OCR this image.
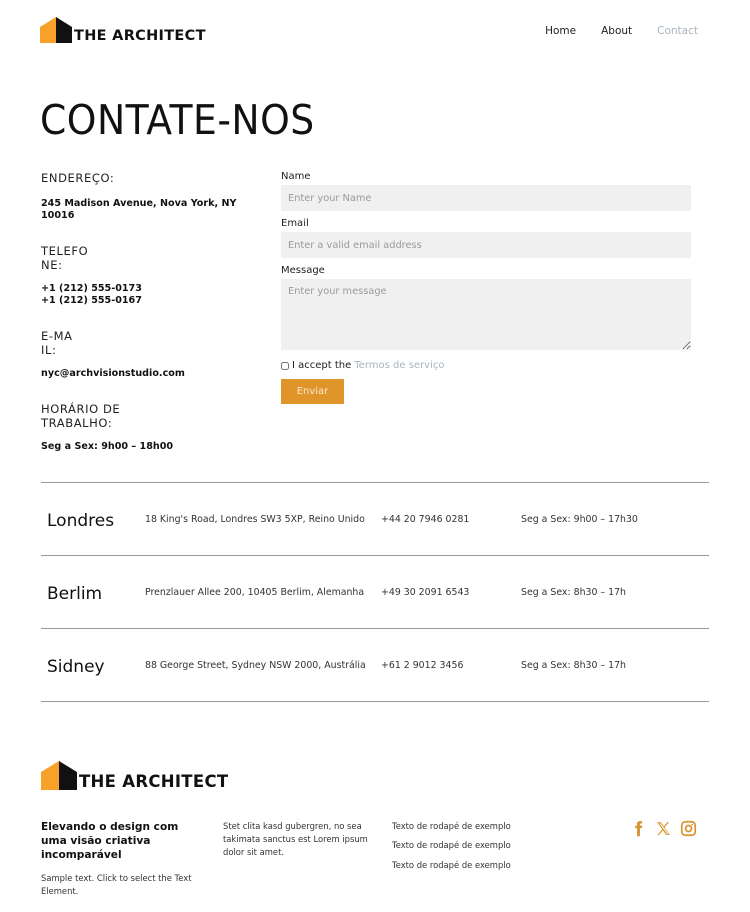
THE ARCHITECT	Home About Contact
CONTATE-NOS
ENDEREÇO:
245 Madison Avenue, Nova York, NY 10016
TELEFONE:
+1 (212) 555-0173
+1 (212) 555-0167
E-MAIL:
nyc@archvisionstudio.com
HORÁRIO DE TRABALHO:
Seg a Sex: 9h00 – 18h00
Name
Enter your Name
Email
Enter a valid email address
Message
Enter your message
I accept the Termos de serviço
Enviar
Londres	18 King's Road, Londres SW3 5XP, Reino Unido +44 20 7946 0281	Seg a Sex: 9h00 – 17h30
Berlim	Prenzlauer Allee 200, 10405 Berlim, Alemanha +49 30 2091 6543	Seg a Sex: 8h30 – 17h
Sidney	88 George Street, Sydney NSW 2000, Austrália +61 2 9012 3456	Seg a Sex: 8h30 – 17h
THE ARCHITECT
Elevando o design com uma visão criativa incomparável
Sample text. Click to select the Text Element.
Stet clita kasd gubergren, no sea takimata sanctus est Lorem ipsum dolor sit amet.
Texto de rodapé de exemplo
Texto de rodapé de exemplo
Texto de rodapé de exemplo
